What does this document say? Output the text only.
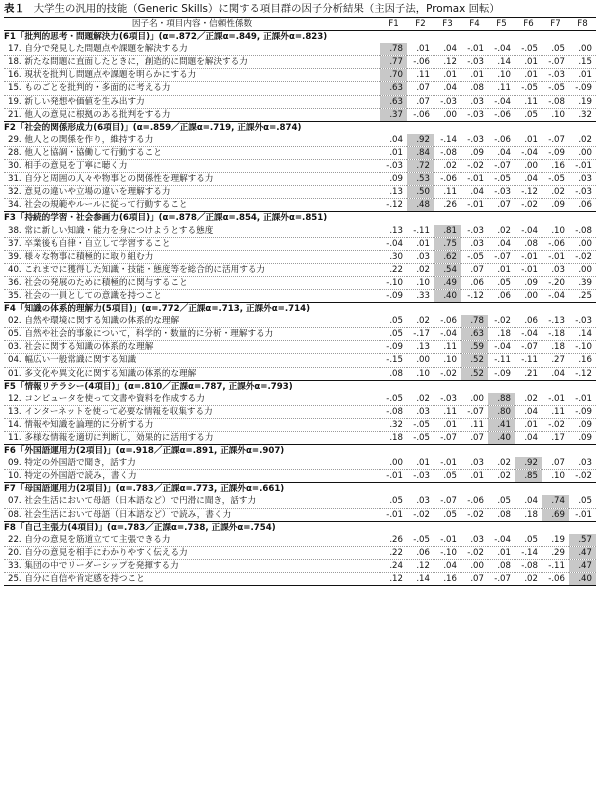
表１ 大学生の汎用的技能（Generic Skills）に関する項目群の因子分析結果（主因子法，Promax 回転）
因子名・項目内容・信頼性係数	F1	F2	F3	F4	F5	F6	F7	F8
F1「批判的思考・問題解決力(6項目)」(α=.872／正課α=.849, 正課外α=.823)								
17. 自分で発見した問題点や課題を解決する力	.78	.01	.04	-.01	-.04	-.05	.05	.00
18. 新たな問題に直面したときに，創造的に問題を解決する力	.77	-.06	.12	-.03	.14	.01	-.07	.15
16. 現状を批判し問題点や課題を明らかにする力	.70	.11	.01	.01	.10	.01	-.03	.01
15. ものごとを批判的・多面的に考える力	.63	.07	.04	.08	.11	-.05	-.05	-.09
19. 新しい発想や価値を生み出す力	.63	.07	-.03	.03	-.04	.11	-.08	.19
21. 他人の意見に根拠のある批判をする力	.37	-.06	.00	-.03	-.06	.05	.10	.32
F2「社会的関係形成力(6項目)」(α=.859／正課α=.719, 正課外α=.874)								
29. 他人との関係を作り，維持する力	.04	.92	-.14	-.03	-.06	.01	-.07	.02
28. 他人と協調・協働して行動すること	.01	.84	-.08	.09	.04	-.04	-.09	.00
30. 相手の意見を丁寧に聴く力	-.03	.72	.02	-.02	-.07	.00	.16	-.01
31. 自分と周囲の人々や物事との関係性を理解する力	.09	.53	-.06	-.01	-.05	.04	-.05	.03
32. 意見の違いや立場の違いを理解する力	.13	.50	.11	.04	-.03	-.12	.02	-.03
34. 社会の規範やルールに従って行動すること	-.12	.48	.26	-.01	.07	-.02	.09	.06
F3「持続的学習・社会参画力(6項目)」(α=.878／正課α=.854, 正課外α=.851)								
38. 常に新しい知識・能力を身につけようとする態度	.13	-.11	.81	-.03	.02	-.04	.10	-.08
37. 卒業後も自律・自立して学習すること	-.04	.01	.75	.03	.04	.08	-.06	.00
39. 様々な物事に積極的に取り組む力	.30	.03	.62	-.05	-.07	-.01	-.01	-.02
40. これまでに獲得した知識・技能・態度等を総合的に活用する力	.22	.02	.54	.07	.01	-.01	.03	.00
36. 社会の発展のために積極的に関与すること	-.10	.10	.49	.06	.05	.09	-.20	.39
35. 社会の一員としての意識を持つこと	-.09	.33	.40	-.12	.06	.00	-.04	.25
F4「知識の体系的理解力(5項目)」(α=.772／正課α=.713, 正課外α=.714)								
02. 自然や環境に関する知識の体系的な理解	.05	.02	-.06	.78	-.02	.06	-.13	-.03
05. 自然や社会的事象について，科学的・数量的に分析・理解する力	.05	-.17	-.04	.63	.18	-.04	-.18	.14
03. 社会に関する知識の体系的な理解	-.09	.13	.11	.59	-.04	-.07	.18	-.10
04. 幅広い一般常識に関する知識	-.15	.00	.10	.52	-.11	-.11	.27	.16
01. 多文化や異文化に関する知識の体系的な理解	.08	.10	-.02	.52	-.09	.21	.04	-.12
F5「情報リテラシー(4項目)」(α=.810／正課α=.787, 正課外α=.793)								
12. コンピュータを使って文書や資料を作成する力	-.05	.02	-.03	.00	.88	.02	-.01	-.01
13. インターネットを使って必要な情報を収集する力	-.08	.03	.11	-.07	.80	.04	.11	-.09
14. 情報や知識を論理的に分析する力	.32	-.05	.01	.11	.41	.01	-.02	.09
11. 多様な情報を適切に判断し，効果的に活用する力	.18	-.05	-.07	.07	.40	.04	.17	.09
F6「外国語運用力(2項目)」(α=.918／正課α=.891, 正課外α=.907)								
09. 特定の外国語で聞き，話す力	.00	.01	-.01	.03	.02	.92	.07	.03
10. 特定の外国語で読み，書く力	-.01	-.03	.05	.01	.02	.85	.10	-.02
F7「母国語運用力(2項目)」(α=.783／正課α=.773, 正課外α=.661)								
07. 社会生活において母語（日本語など）で円滑に聞き，話す力	.05	.03	-.07	-.06	.05	.04	.74	.05
08. 社会生活において母語（日本語など）で読み，書く力	-.01	-.02	.05	-.02	.08	.18	.69	-.01
F8「自己主張力(4項目)」(α=.783／正課α=.738, 正課外α=.754)								
22. 自分の意見を筋道立てて主張できる力	.26	-.05	-.01	.03	-.04	.05	.19	.57
20. 自分の意見を相手にわかりやすく伝える力	.22	.06	-.10	-.02	.01	-.14	.29	.47
33. 集団の中でリーダーシップを発揮する力	.24	.12	.04	.00	.08	-.08	-.11	.47
25. 自分に自信や肯定感を持つこと	.12	.14	.16	.07	-.07	.02	-.06	.40
